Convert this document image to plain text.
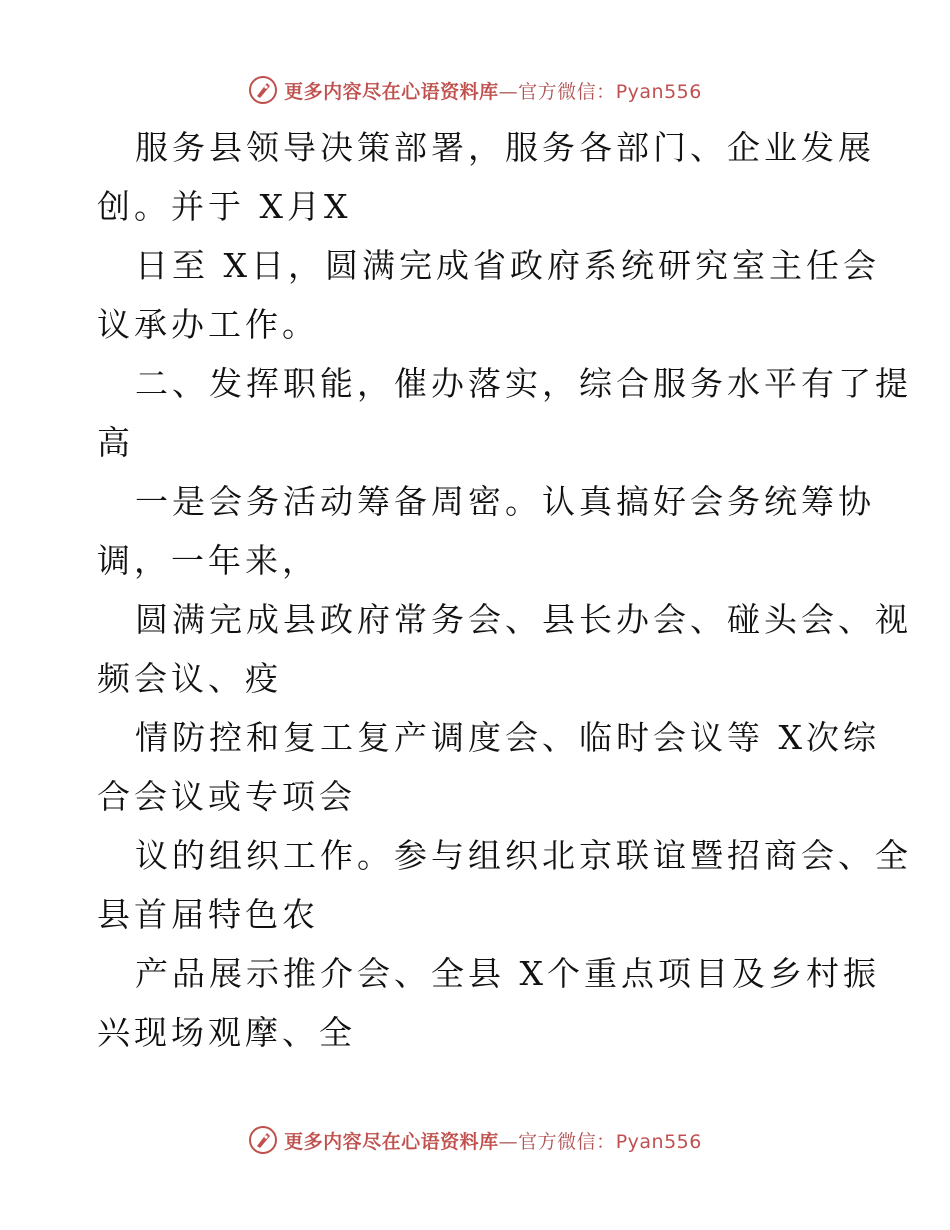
更多内容尽在心语资料库—官方微信：Pyan556
服务县领导决策部署，服务各部门、企业发展
创。并于 X月X
日至 X日，圆满完成省政府系统研究室主任会
议承办工作。
二、发挥职能，催办落实，综合服务水平有了提
高
一是会务活动筹备周密。认真搞好会务统筹协
调，一年来，
圆满完成县政府常务会、县长办会、碰头会、视
频会议、疫
情防控和复工复产调度会、临时会议等 X次综
合会议或专项会
议的组织工作。参与组织北京联谊暨招商会、全
县首届特色农
产品展示推介会、全县 X个重点项目及乡村振
兴现场观摩、全
更多内容尽在心语资料库—官方微信：Pyan556
